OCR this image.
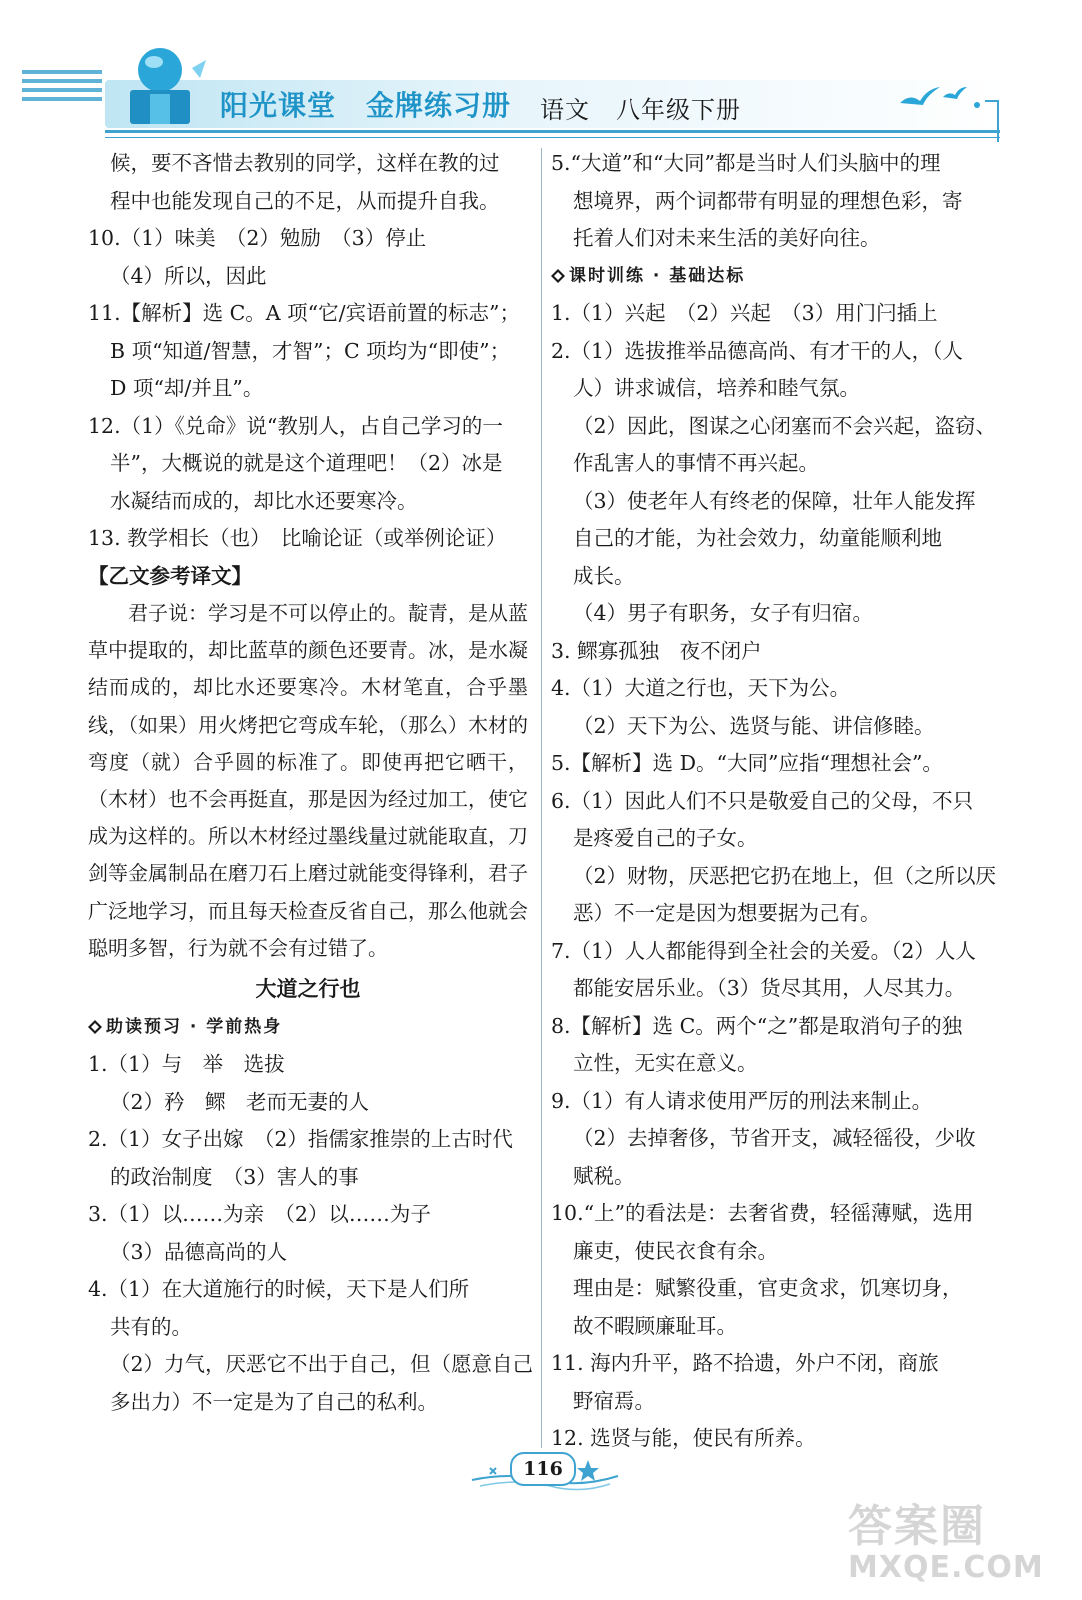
阳光课堂 金牌练习册	语文 八年级下册
候，要不吝惜去教别的同学，这样在教的过
程中也能发现自己的不足，从而提升自我。
10.（1）味美　（2）勉励　（3）停止
（4）所以，因此
11.【解析】选 C。A 项“它/宾语前置的标志”；
B 项“知道/智慧，才智”；C 项均为“即使”；
D 项“却/并且”。
12.（1）《兑命》说“教别人，占自己学习的一
半”，大概说的就是这个道理吧！（2）冰是
水凝结而成的，却比水还要寒冷。
13. 教学相长（也）　比喻论证（或举例论证）
【乙文参考译文】
君子说：学习是不可以停止的。靛青，是从蓝草中提取的，却比蓝草的颜色还要青。冰，是水凝结而成的，却比水还要寒冷。木材笔直，合乎墨线，（如果）用火烤把它弯成车轮，（那么）木材的弯度（就）合乎圆的标准了。即使再把它晒干，（木材）也不会再挺直，那是因为经过加工，使它成为这样的。所以木材经过墨线量过就能取直，刀剑等金属制品在磨刀石上磨过就能变得锋利，君子广泛地学习，而且每天检查反省自己，那么他就会聪明多智，行为就不会有过错了。
大道之行也
助读预习 · 学前热身
1.（1）与　举　选拔
（2）矜　鳏　老而无妻的人
2.（1）女子出嫁　（2）指儒家推崇的上古时代
的政治制度　（3）害人的事
3.（1）以……为亲　（2）以……为子
（3）品德高尚的人
4.（1）在大道施行的时候，天下是人们所
共有的。
（2）力气，厌恶它不出于自己，但（愿意自己
多出力）不一定是为了自己的私利。
5.“大道”和“大同”都是当时人们头脑中的理
想境界，两个词都带有明显的理想色彩，寄
托着人们对未来生活的美好向往。
课时训练 · 基础达标
1.（1）兴起　（2）兴起　（3）用门闩插上
2.（1）选拔推举品德高尚、有才干的人，（人
人）讲求诚信，培养和睦气氛。
（2）因此，图谋之心闭塞而不会兴起，盗窃、
作乱害人的事情不再兴起。
（3）使老年人有终老的保障，壮年人能发挥
自己的才能，为社会效力，幼童能顺利地
成长。
（4）男子有职务，女子有归宿。
3. 鳏寡孤独　夜不闭户
4.（1）大道之行也，天下为公。
（2）天下为公、选贤与能、讲信修睦。
5.【解析】选 D。“大同”应指“理想社会”。
6.（1）因此人们不只是敬爱自己的父母，不只
是疼爱自己的子女。
（2）财物，厌恶把它扔在地上，但（之所以厌
恶）不一定是因为想要据为己有。
7.（1）人人都能得到全社会的关爱。（2）人人
都能安居乐业。（3）货尽其用，人尽其力。
8.【解析】选 C。两个“之”都是取消句子的独
立性，无实在意义。
9.（1）有人请求使用严厉的刑法来制止。
（2）去掉奢侈，节省开支，减轻徭役，少收
赋税。
10.“上”的看法是：去奢省费，轻徭薄赋，选用
廉吏，使民衣食有余。
理由是：赋繁役重，官吏贪求，饥寒切身，
故不暇顾廉耻耳。
11. 海内升平，路不拾遗，外户不闭，商旅
野宿焉。
12. 选贤与能，使民有所养。
116
答案圈
MXQE.COM
